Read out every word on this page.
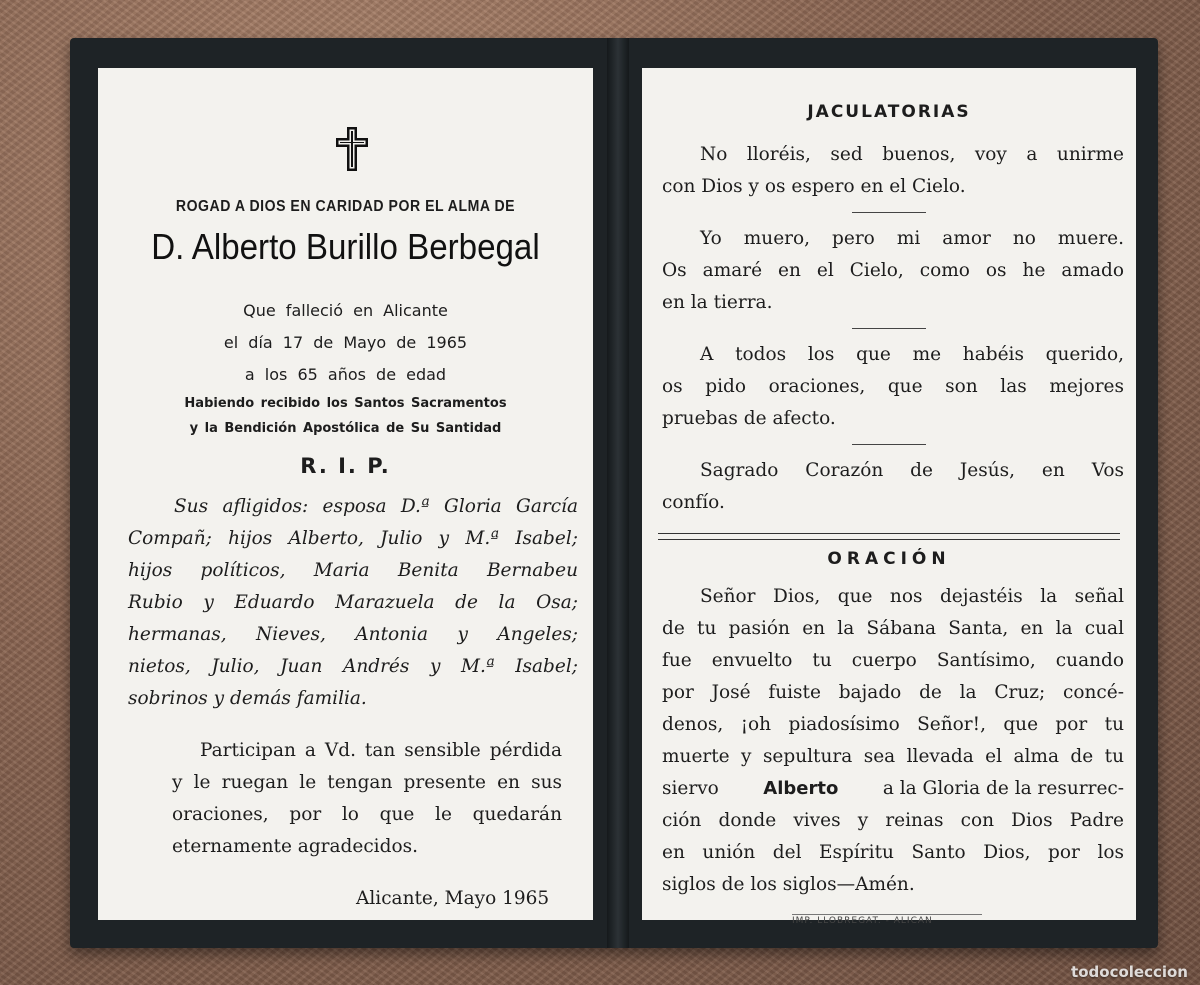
ROGAD A DIOS EN CARIDAD POR EL ALMA DE
D. Alberto Burillo Berbegal
Que falleció en Alicante
el día 17 de Mayo de 1965
a los 65 años de edad
Habiendo recibido los Santos Sacramentos
y la Bendición Apostólica de Su Santidad
R. I. P.
Sus afligidos: esposa D.ª Gloria García
Compañ; hijos Alberto, Julio y M.ª Isabel;
hijos políticos, Maria Benita Bernabeu
Rubio y Eduardo Marazuela de la Osa;
hermanas, Nieves, Antonia y Angeles;
nietos, Julio, Juan Andrés y M.ª Isabel;
sobrinos y demás familia.
Participan a Vd. tan sensible pérdida
y le ruegan le tengan presente en sus
oraciones, por lo que le quedarán
eternamente agradecidos.
Alicante, Mayo 1965
JACULATORIAS
No lloréis, sed buenos, voy a unirme
con Dios y os espero en el Cielo.
Yo muero, pero mi amor no muere.
Os amaré en el Cielo, como os he amado
en la tierra.
A todos los que me habéis querido,
os pido oraciones, que son las mejores
pruebas de afecto.
Sagrado Corazón de Jesús, en Vos
confío.
ORACIÓN
Señor Dios, que nos dejastéis la señal
de tu pasión en la Sábana Santa, en la cual
fue envuelto tu cuerpo Santísimo, cuando
por José fuiste bajado de la Cruz; concé-
denos, ¡oh piadosísimo Señor!, que por tu
muerte y sepultura sea llevada el alma de tu
siervo Alberto a la Gloria de la resurrec-
ción donde vives y reinas con Dios Padre
en unión del Espíritu Santo Dios, por los
siglos de los siglos—Amén.
IMP. LLOBREGAT. - ALICAN
todocoleccion
